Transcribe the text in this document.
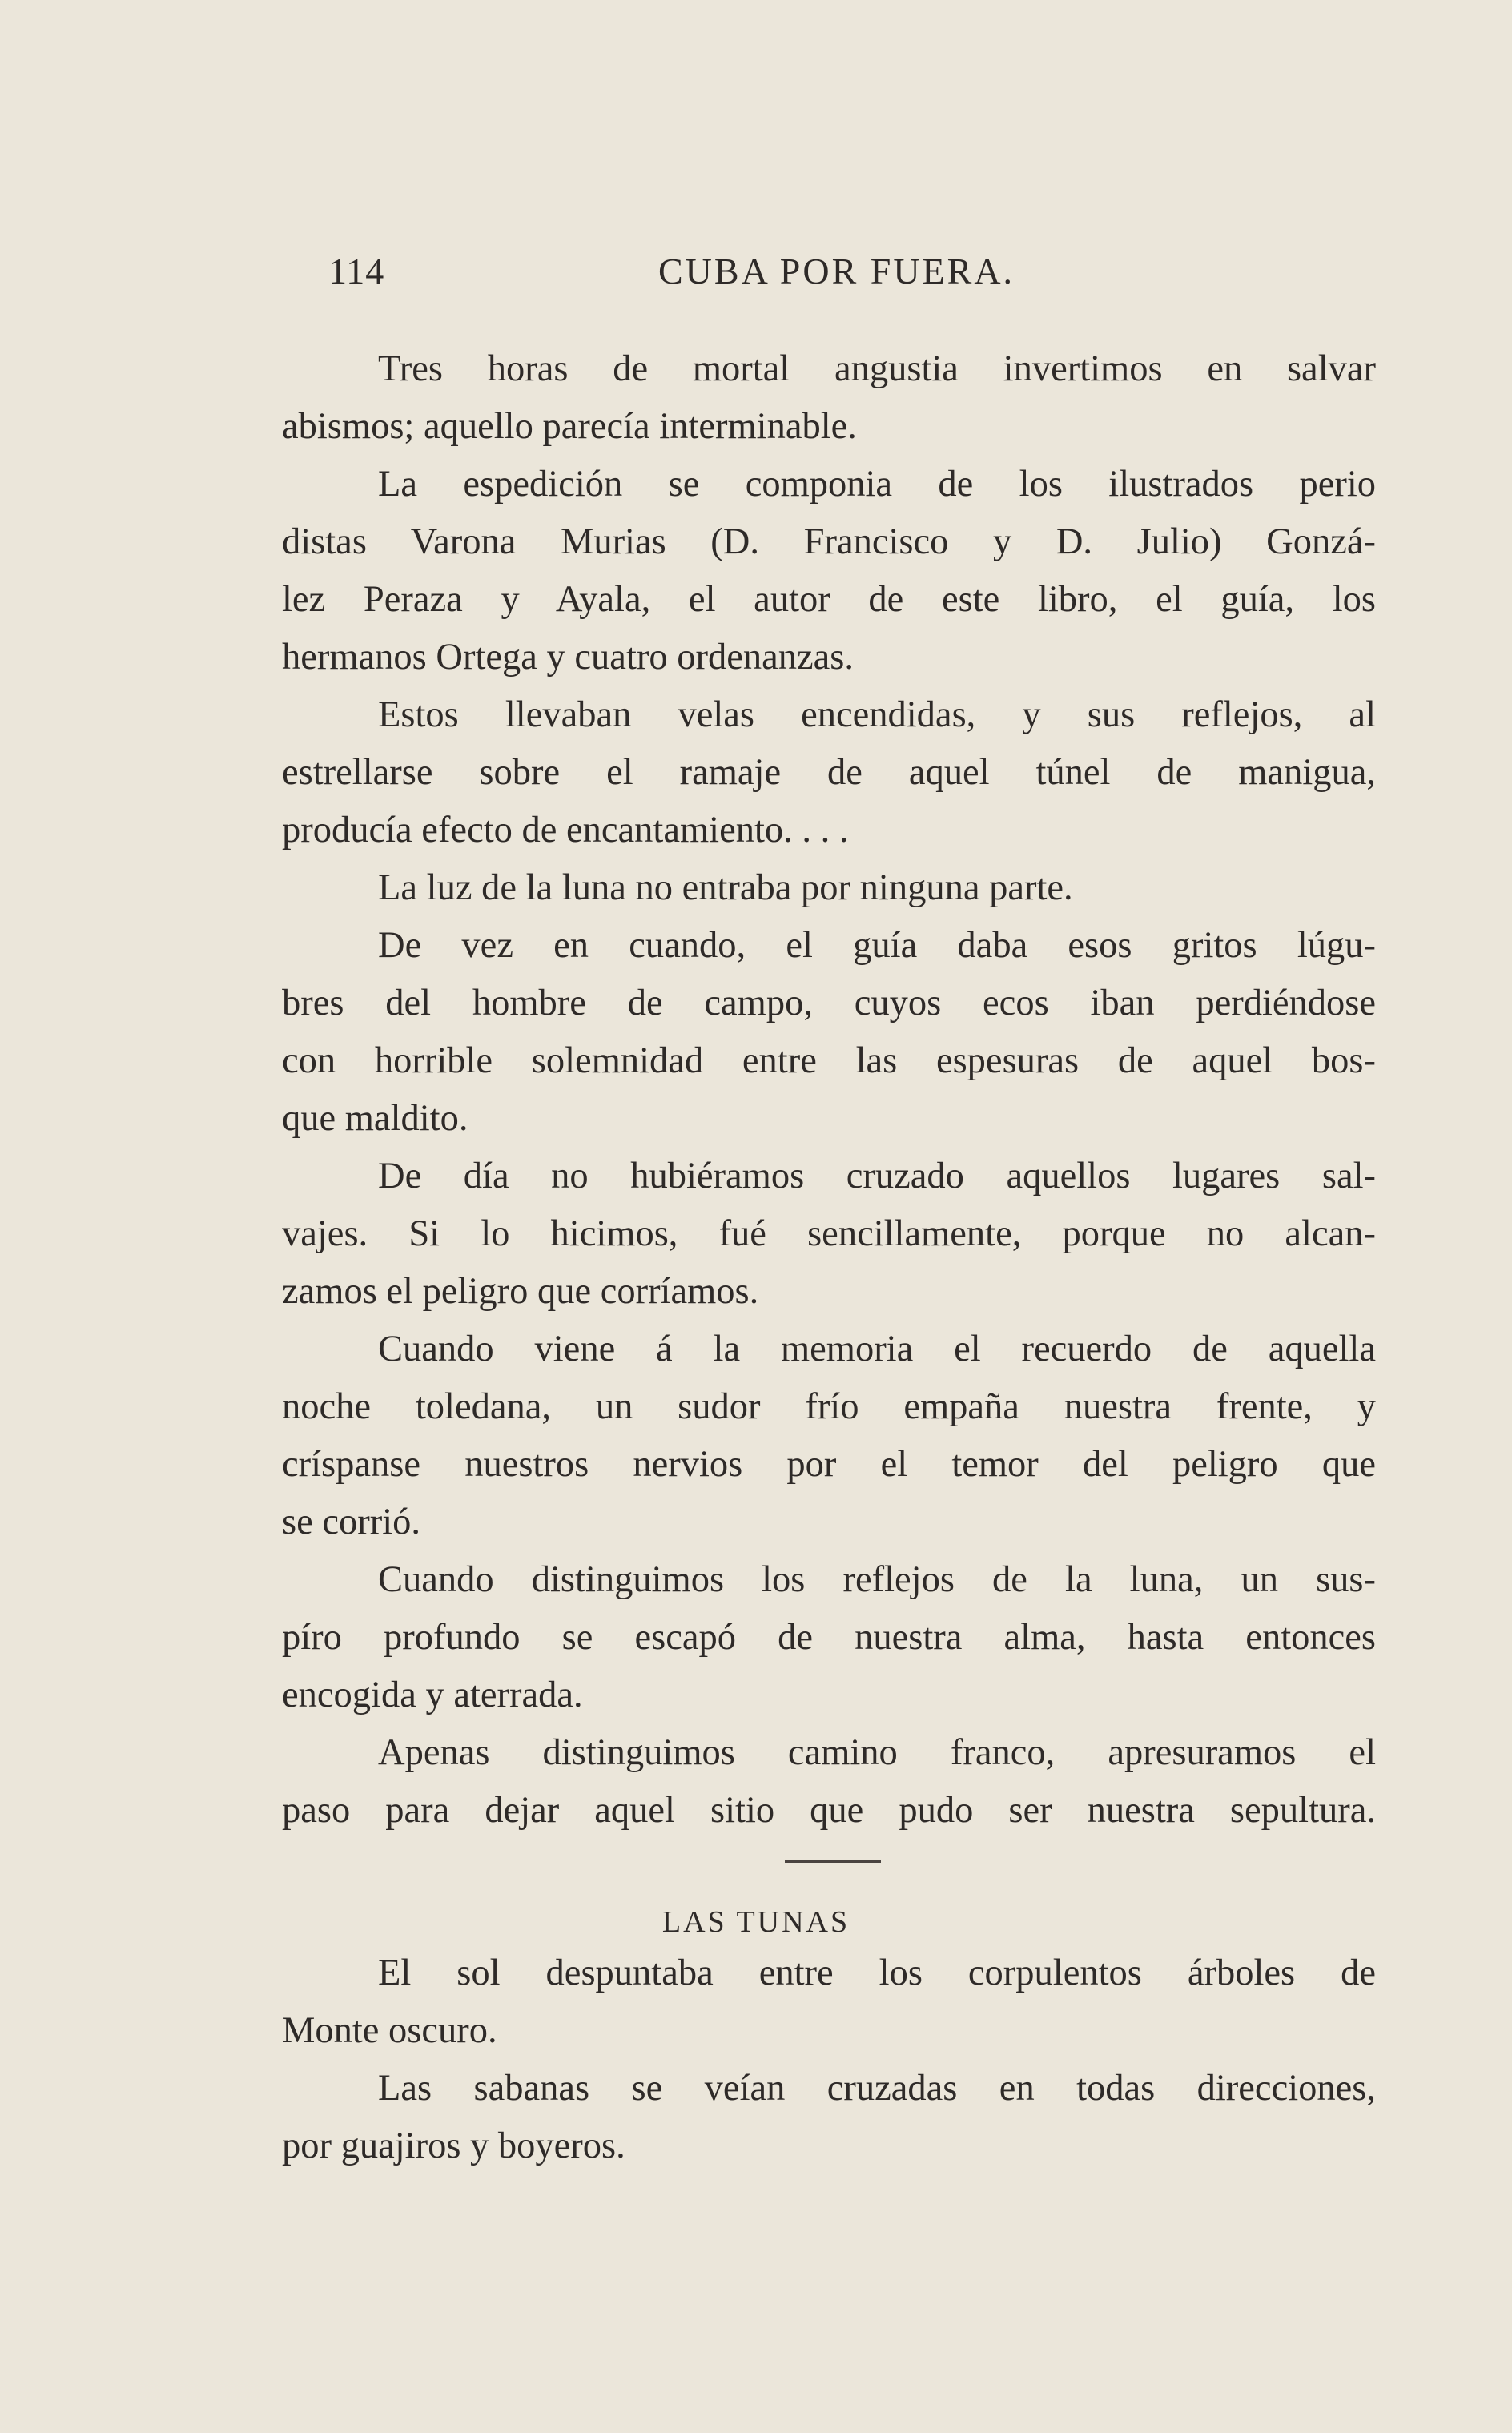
114	CUBA POR FUERA.
Tres horas de mortal angustia invertimos en salvar
abismos; aquello parecía interminable.
La espedición se componia de los ilustrados perio
distas Varona Murias (D. Francisco y D. Julio) Gonzá-
lez Peraza y Ayala, el autor de este libro, el guía, los
hermanos Ortega y cuatro ordenanzas.
Estos llevaban velas encendidas, y sus reflejos, al
estrellarse sobre el ramaje de aquel túnel de manigua,
producía efecto de encantamiento. . . .
La luz de la luna no entraba por ninguna parte.
De vez en cuando, el guía daba esos gritos lúgu-
bres del hombre de campo, cuyos ecos iban perdiéndose
con horrible solemnidad entre las espesuras de aquel bos-
que maldito.
De día no hubiéramos cruzado aquellos lugares sal-
vajes. Si lo hicimos, fué sencillamente, porque no alcan-
zamos el peligro que corríamos.
Cuando viene á la memoria el recuerdo de aquella
noche toledana, un sudor frío empaña nuestra frente, y
críspanse nuestros nervios por el temor del peligro que
se corrió.
Cuando distinguimos los reflejos de la luna, un sus-
píro profundo se escapó de nuestra alma, hasta entonces
encogida y aterrada.
Apenas distinguimos camino franco, apresuramos el
paso para dejar aquel sitio que pudo ser nuestra sepultura.
LAS TUNAS
El sol despuntaba entre los corpulentos árboles de
Monte oscuro.
Las sabanas se veían cruzadas en todas direcciones,
por guajiros y boyeros.
